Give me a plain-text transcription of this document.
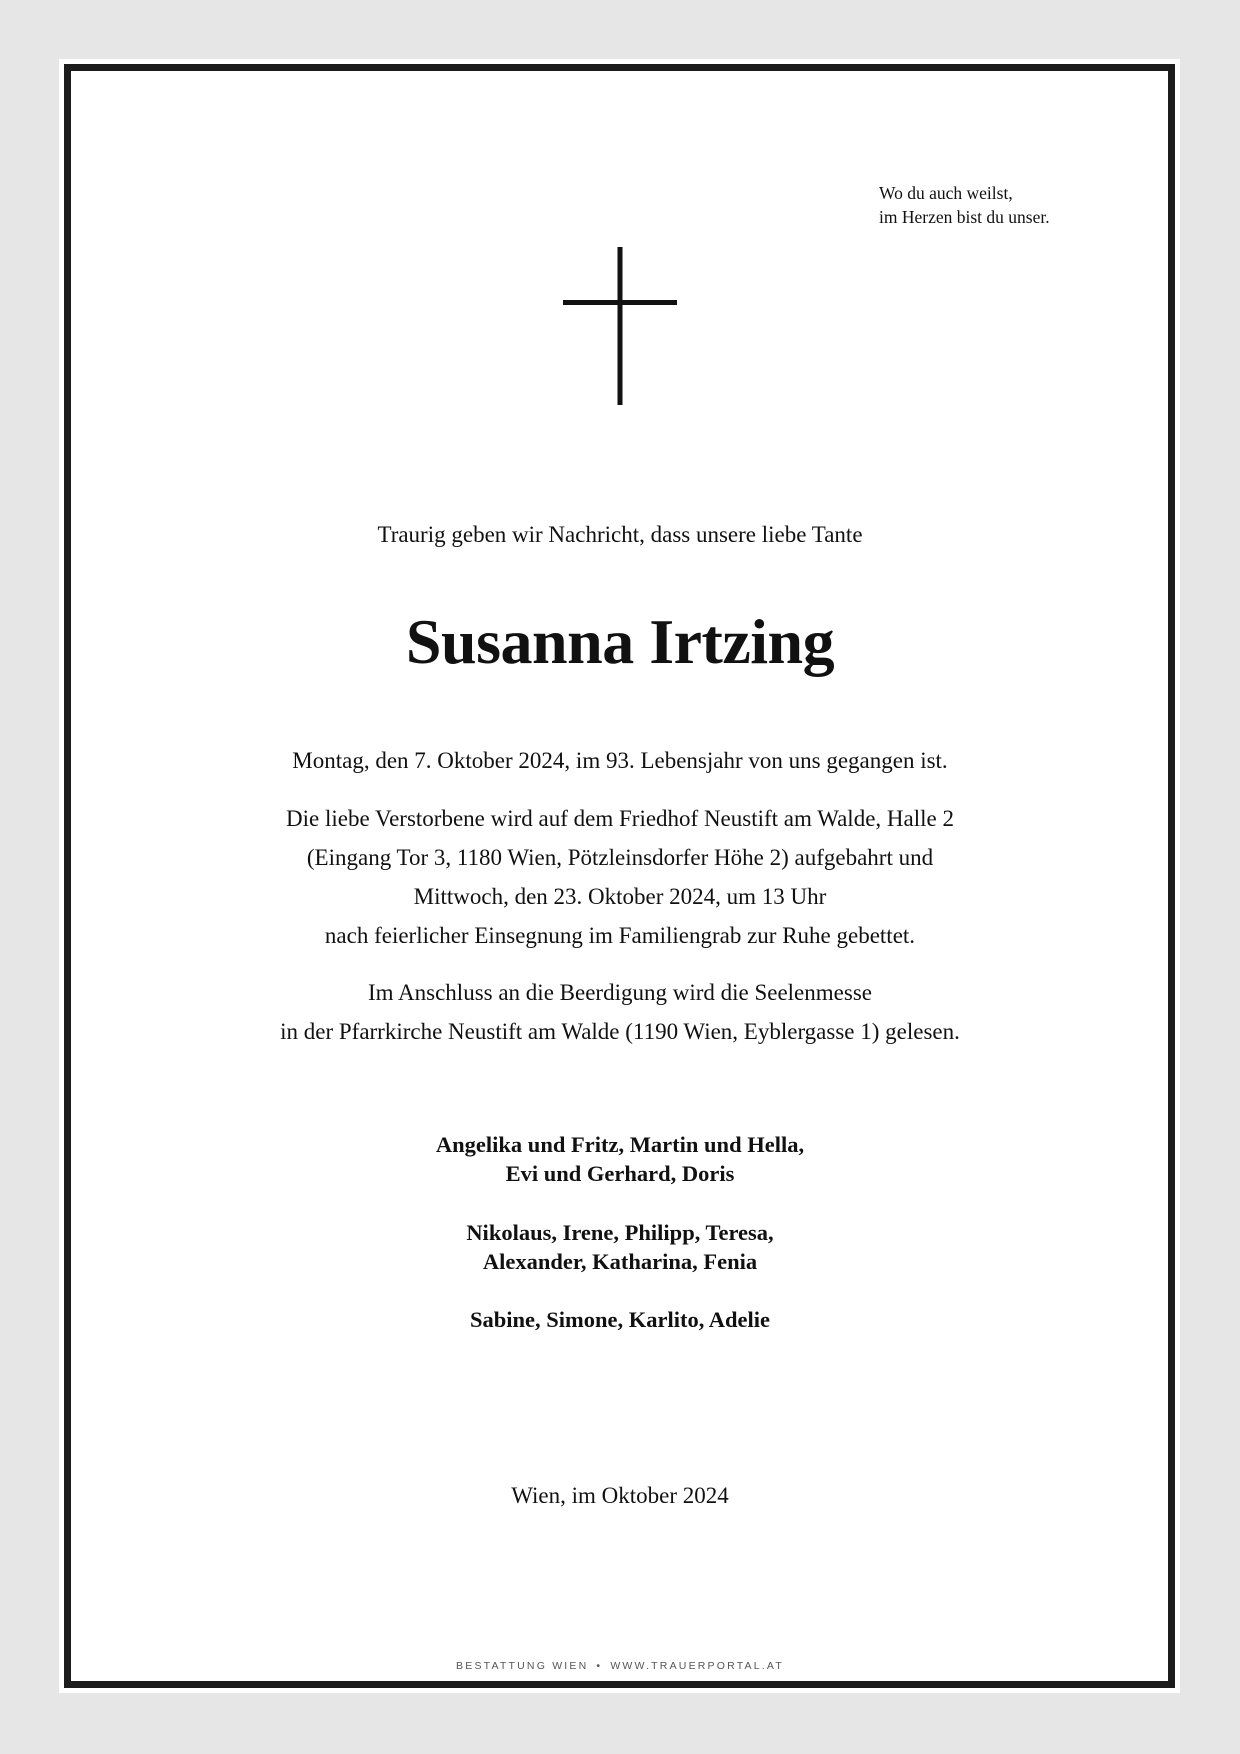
Wo du auch weilst,
im Herzen bist du unser.
Traurig geben wir Nachricht, dass unsere liebe Tante
Susanna Irtzing
Montag, den 7. Oktober 2024, im 93. Lebensjahr von uns gegangen ist.
Die liebe Verstorbene wird auf dem Friedhof Neustift am Walde, Halle 2
(Eingang Tor 3, 1180 Wien, Pötzleinsdorfer Höhe 2) aufgebahrt und
Mittwoch, den 23. Oktober 2024, um 13 Uhr
nach feierlicher Einsegnung im Familiengrab zur Ruhe gebettet.
Im Anschluss an die Beerdigung wird die Seelenmesse
in der Pfarrkirche Neustift am Walde (1190 Wien, Eyblergasse 1) gelesen.
Angelika und Fritz, Martin und Hella,
Evi und Gerhard, Doris
Nikolaus, Irene, Philipp, Teresa,
Alexander, Katharina, Fenia
Sabine, Simone, Karlito, Adelie
Wien, im Oktober 2024
BESTATTUNG WIEN • WWW.TRAUERPORTAL.AT
